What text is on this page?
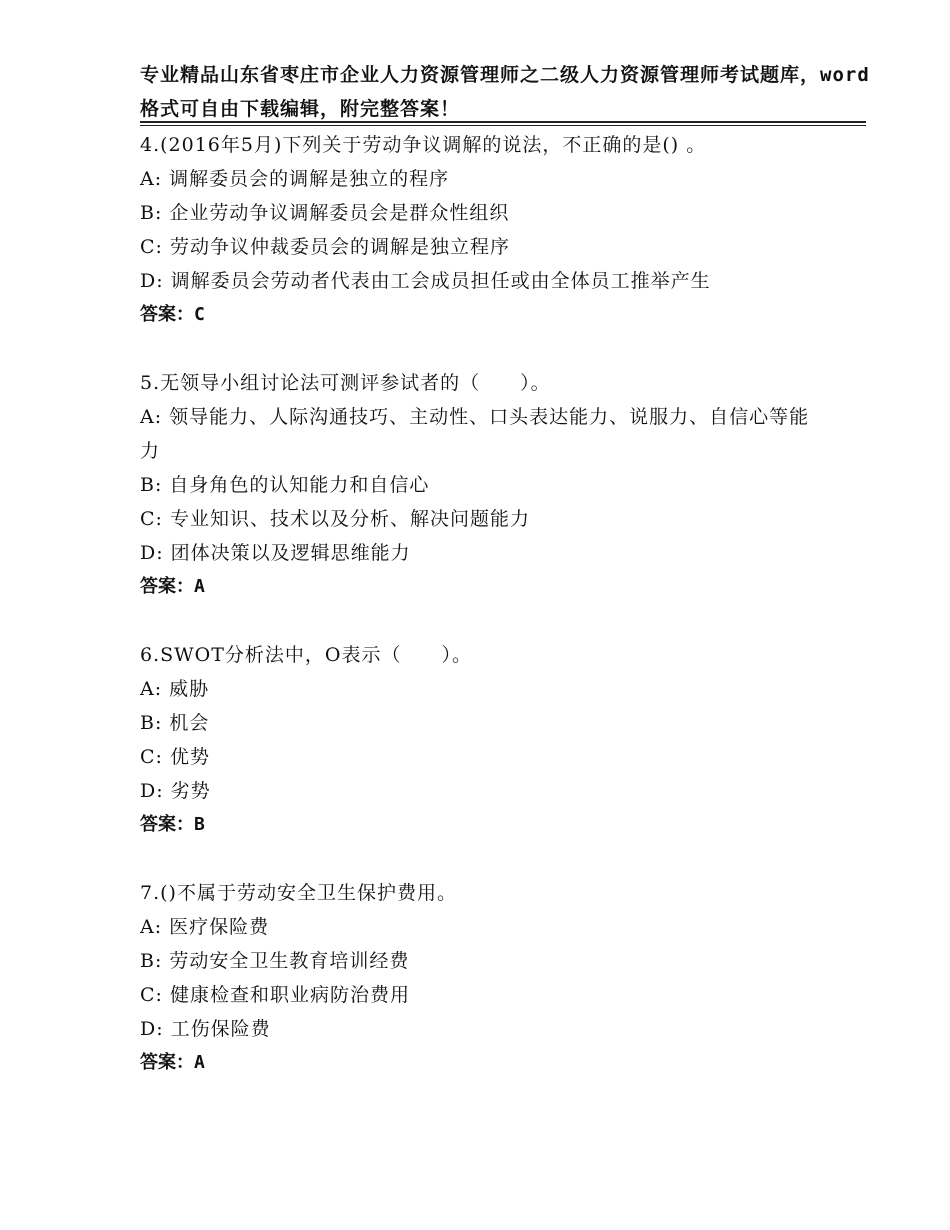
专业精品山东省枣庄市企业人力资源管理师之二级人力资源管理师考试题库，word
格式可自由下载编辑，附完整答案！
4.(2016年5月)下列关于劳动争议调解的说法，不正确的是() 。
A: 调解委员会的调解是独立的程序
B: 企业劳动争议调解委员会是群众性组织
C: 劳动争议仲裁委员会的调解是独立程序
D: 调解委员会劳动者代表由工会成员担任或由全体员工推举产生
答案：C
5.无领导小组讨论法可测评参试者的（　　）。
A: 领导能力、人际沟通技巧、主动性、口头表达能力、说服力、自信心等能力
B: 自身角色的认知能力和自信心
C: 专业知识、技术以及分析、解决问题能力
D: 团体决策以及逻辑思维能力
答案：A
6.SWOT分析法中，O表示（　　）。
A: 威胁
B: 机会
C: 优势
D: 劣势
答案：B
7.()不属于劳动安全卫生保护费用。
A: 医疗保险费
B: 劳动安全卫生教育培训经费
C: 健康检查和职业病防治费用
D: 工伤保险费
答案：A
